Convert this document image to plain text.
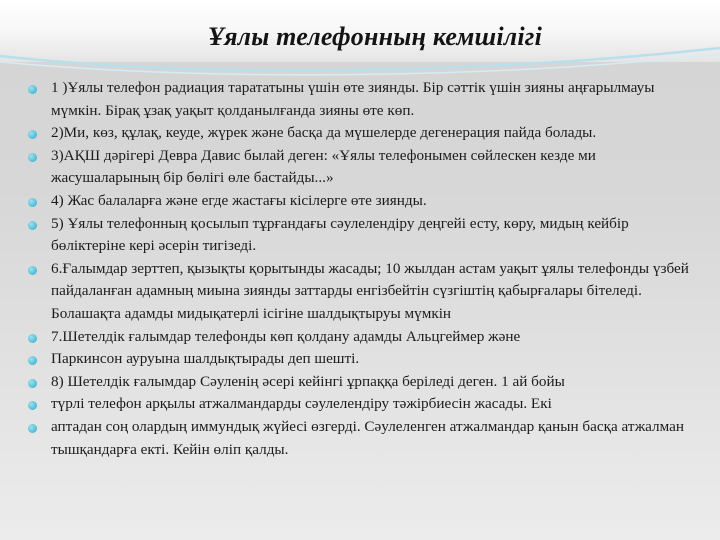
Ұялы телефонның кемшілігі
1 )Ұялы телефон радиация тарататыны үшін өте зиянды. Бір сәттік үшін зияны аңғарылмауы мүмкін. Бірақ ұзақ уақыт қолданылғанда зияны өте көп.
2)Ми, көз, құлақ, кеуде, жүрек және басқа да мүшелерде дегенерация пайда болады.
3)АҚШ дәрігері Девра Давис былай деген: «Ұялы телефонымен сөйлескен кезде ми жасушаларының бір бөлігі өле бастайды...»
4) Жас балаларға және егде жастағы кісілерге өте зиянды.
5) Ұялы телефонның қосылып тұрғандағы сәулелендіру деңгейі есту, көру, мидың кейбір бөліктеріне кері әсерін тигізеді.
6.Ғалымдар зерттеп, қызықты қорытынды жасады; 10 жылдан астам уақыт ұялы телефонды үзбей пайдаланған адамның миына зиянды заттарды енгізбейтін сүзгіштің қабырғалары бітеледі. Болашақта адамды мидықатерлі ісігіне шалдықтыруы мүмкін
7.Шетелдік ғалымдар телефонды көп қолдану адамды Альцгеймер және
Паркинсон ауруына шалдықтырады деп шешті.
8) Шетелдік ғалымдар Сәуленің әсері кейінгі ұрпаққа беріледі деген. 1 ай бойы
түрлі телефон арқылы атжалмандарды сәулелендіру тәжірбиесін жасады. Екі
аптадан соң олардың иммундық жүйесі өзгерді. Сәулеленген атжалмандар қанын басқа атжалман тышқандарға екті. Кейін өліп қалды.
